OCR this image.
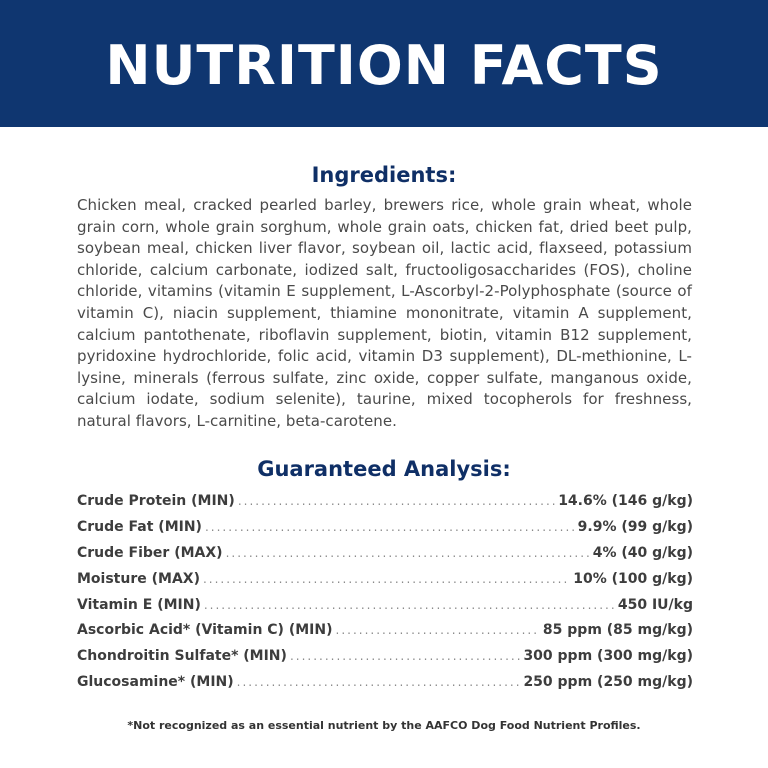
NUTRITION FACTS
Ingredients:

Chicken meal, cracked pearled barley, brewers rice, whole grain wheat, whole grain corn, whole grain sorghum, whole grain oats, chicken fat, dried beet pulp, soybean meal, chicken liver flavor, soybean oil, lactic acid, flaxseed, potassium chloride, calcium carbonate, iodized salt, fructooligosaccharides (FOS), choline chloride, vitamins (vitamin E supplement, L-Ascorbyl-2-Polyphosphate (source of vitamin C), niacin supplement, thiamine mononitrate, vitamin A supplement, calcium pantothenate, riboflavin supplement, biotin, vitamin B12 supplement, pyridoxine hydrochloride, folic acid, vitamin D3 supplement), DL-methionine, L-lysine, minerals (ferrous sulfate, zinc oxide, copper sulfate, manganous oxide, calcium iodate, sodium selenite), taurine, mixed tocopherols for freshness, natural flavors, L-carnitine, beta-carotene.

Guaranteed Analysis:
Crude Protein (MIN) .....	14.6% (146 g/kg)
Crude Fat (MIN) .....	9.9% (99 g/kg)
Crude Fiber (MAX) .....	4% (40 g/kg)
Moisture (MAX) .....	10% (100 g/kg)
Vitamin E (MIN) .....	450 IU/kg
Ascorbic Acid* (Vitamin C) (MIN) .....	85 ppm (85 mg/kg)
Chondroitin Sulfate* (MIN) .....	300 ppm (300 mg/kg)
Glucosamine* (MIN) .....	250 ppm (250 mg/kg)
*Not recognized as an essential nutrient by the AAFCO Dog Food Nutrient Profiles.
